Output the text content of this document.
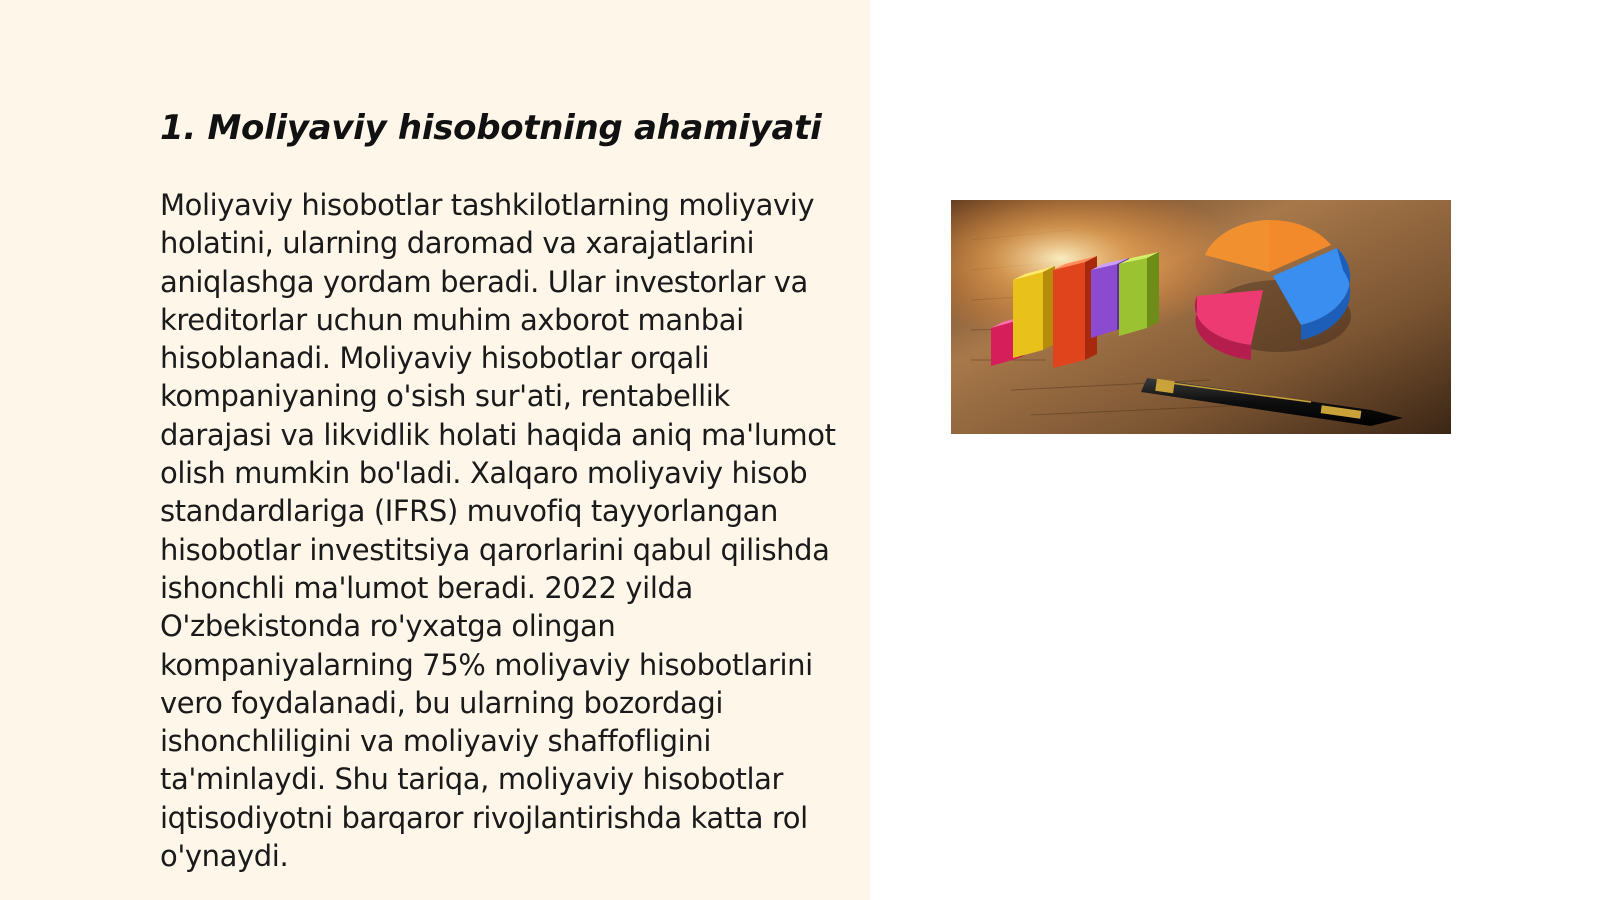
1. Moliyaviy hisobotning ahamiyati

Moliyaviy hisobotlar tashkilotlarning moliyaviy holatini, ularning daromad va xarajatlarini aniqlashga yordam beradi. Ular investorlar va kreditorlar uchun muhim axborot manbai hisoblanadi. Moliyaviy hisobotlar orqali kompaniyaning o'sish sur'ati, rentabellik darajasi va likvidlik holati haqida aniq ma'lumot olish mumkin bo'ladi. Xalqaro moliyaviy hisob standardlariga (IFRS) muvofiq tayyorlangan hisobotlar investitsiya qarorlarini qabul qilishda ishonchli ma'lumot beradi. 2022 yilda O'zbekistonda ro'yxatga olingan kompaniyalarning 75% moliyaviy hisobotlarini vero foydalanadi, bu ularning bozordagi ishonchliligini va moliyaviy shaffofligini ta'minlaydi. Shu tariqa, moliyaviy hisobotlar iqtisodiyotni barqaror rivojlantirishda katta rol o'ynaydi.
